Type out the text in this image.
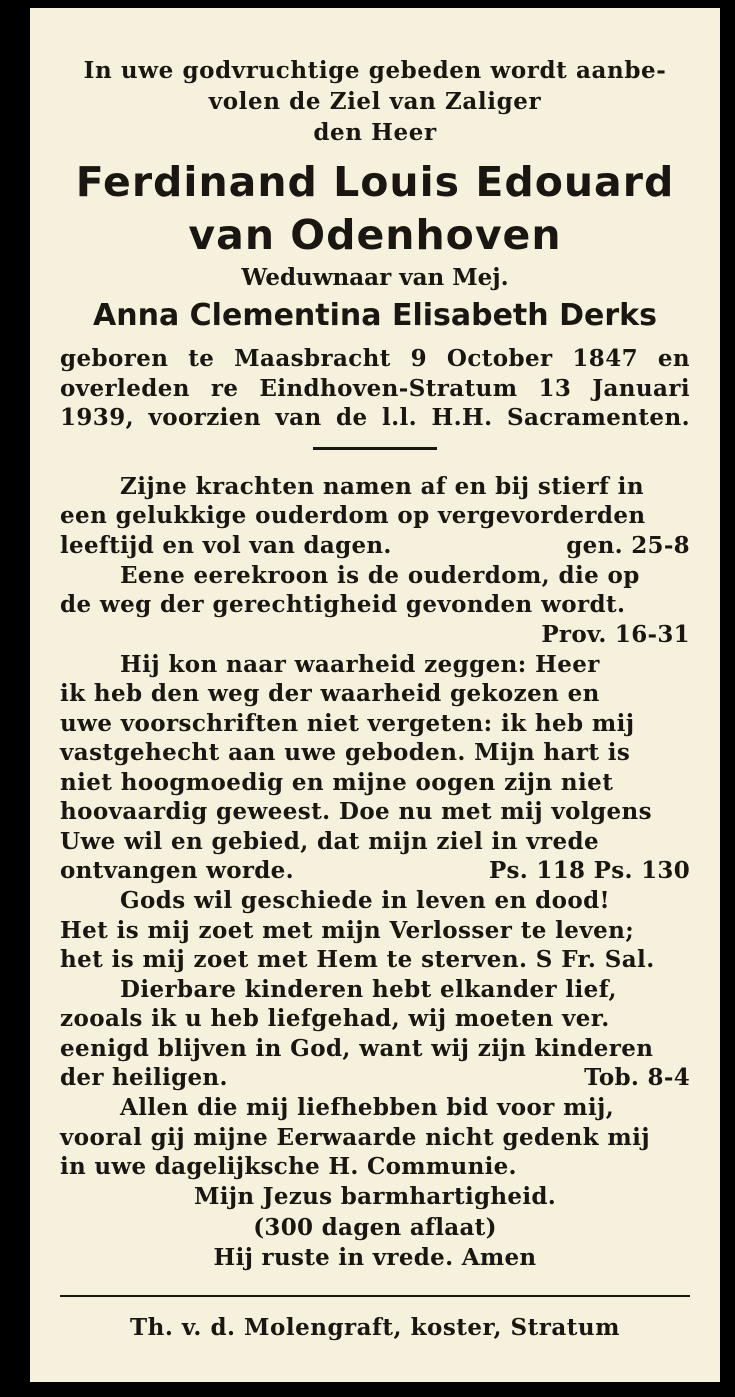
In uwe godvruchtige gebeden wordt aanbe-
volen de Ziel van Zaliger
den Heer
Ferdinand Louis Edouard
van Odenhoven
Weduwnaar van Mej.
Anna Clementina Elisabeth Derks
geboren te Maasbracht 9 October 1847 en
overleden re Eindhoven-Stratum 13 Januari
1939, voorzien van de l.l. H.H. Sacramenten.
Zijne krachten namen af en bij stierf in
een gelukkige ouderdom op vergevorderden
leeftijd en vol van dagen.	gen. 25-8
Eene eerekroon is de ouderdom, die op
de weg der gerechtigheid gevonden wordt.
Prov. 16-31
Hij kon naar waarheid zeggen: Heer
ik heb den weg der waarheid gekozen en
uwe voorschriften niet vergeten: ik heb mij
vastgehecht aan uwe geboden. Mijn hart is
niet hoogmoedig en mijne oogen zijn niet
hoovaardig geweest. Doe nu met mij volgens
Uwe wil en gebied, dat mijn ziel in vrede
ontvangen worde.	Ps. 118 Ps. 130
Gods wil geschiede in leven en dood!
Het is mij zoet met mijn Verlosser te leven;
het is mij zoet met Hem te sterven. S Fr. Sal.
Dierbare kinderen hebt elkander lief,
zooals ik u heb liefgehad, wij moeten ver.
eenigd blijven in God, want wij zijn kinderen
der heiligen.	Tob. 8-4
Allen die mij liefhebben bid voor mij,
vooral gij mijne Eerwaarde nicht gedenk mij
in uwe dagelijksche H. Communie.
Mijn Jezus barmhartigheid.
(300 dagen aflaat)
Hij ruste in vrede. Amen
Th. v. d. Molengraft, koster, Stratum
